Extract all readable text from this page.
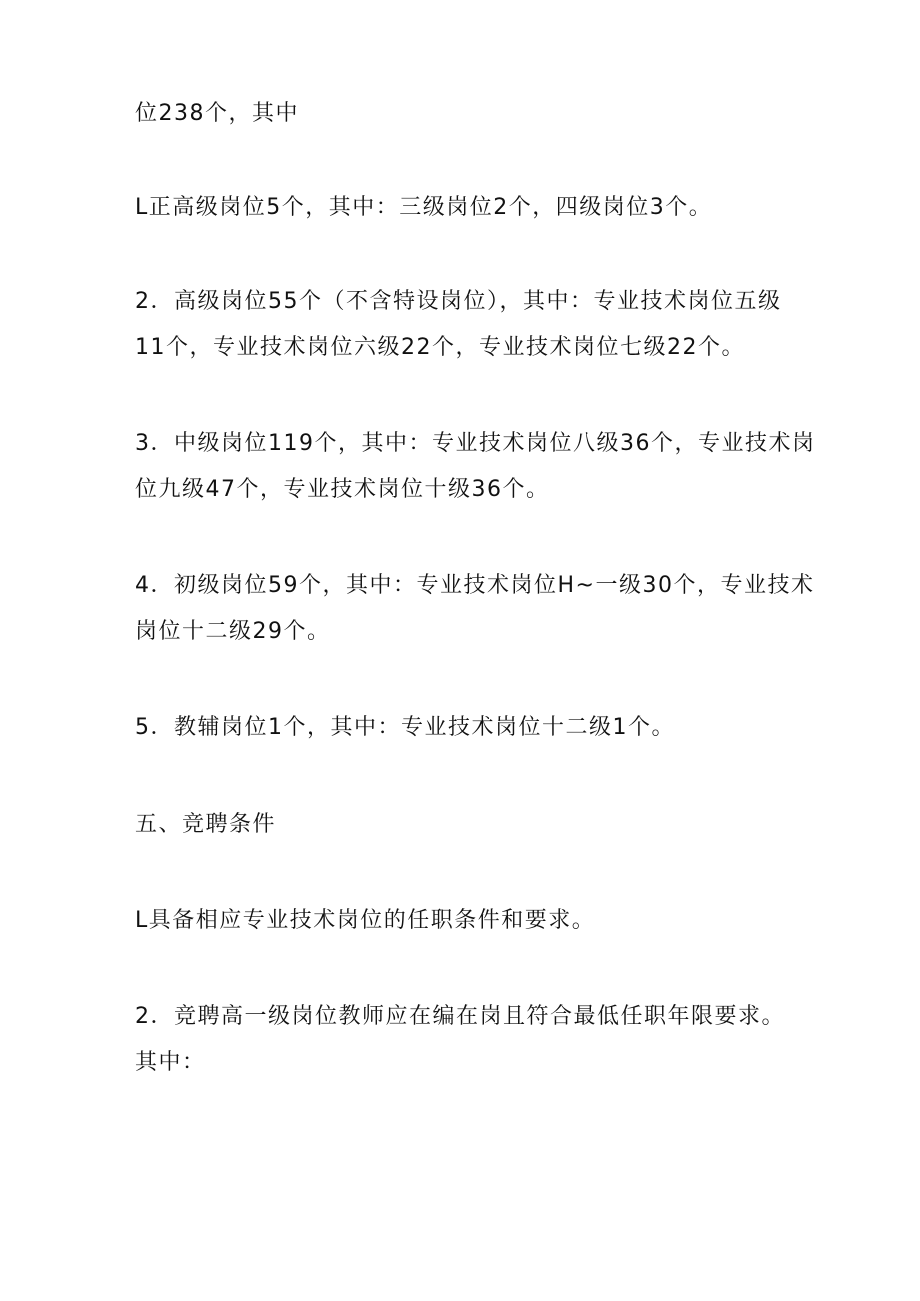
位238个，其中
L正高级岗位5个，其中：三级岗位2个，四级岗位3个。
2．高级岗位55个（不含特设岗位），其中：专业技术岗位五级
11个，专业技术岗位六级22个，专业技术岗位七级22个。
3．中级岗位119个，其中：专业技术岗位八级36个，专业技术岗
位九级47个，专业技术岗位十级36个。
4．初级岗位59个，其中：专业技术岗位H~一级30个，专业技术
岗位十二级29个。
5．教辅岗位1个，其中：专业技术岗位十二级1个。
五、竞聘条件
L具备相应专业技术岗位的任职条件和要求。
2．竞聘高一级岗位教师应在编在岗且符合最低任职年限要求。
其中：
